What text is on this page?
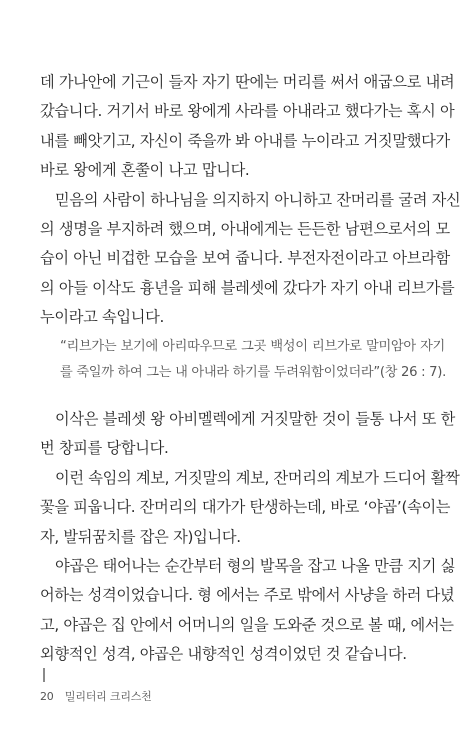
데 가나안에 기근이 들자 자기 딴에는 머리를 써서 애굽으로 내려
갔습니다. 거기서 바로 왕에게 사라를 아내라고 했다가는 혹시 아
내를 빼앗기고, 자신이 죽을까 봐 아내를 누이라고 거짓말했다가
바로 왕에게 혼쭐이 나고 맙니다.
믿음의 사람이 하나님을 의지하지 아니하고 잔머리를 굴려 자신
의 생명을 부지하려 했으며, 아내에게는 든든한 남편으로서의 모
습이 아닌 비겁한 모습을 보여 줍니다. 부전자전이라고 아브라함
의 아들 이삭도 흉년을 피해 블레셋에 갔다가 자기 아내 리브가를
누이라고 속입니다.
“리브가는 보기에 아리따우므로 그곳 백성이 리브가로 말미암아 자기
를 죽일까 하여 그는 내 아내라 하기를 두려워함이었더라”(창 26 : 7).
이삭은 블레셋 왕 아비멜렉에게 거짓말한 것이 들통 나서 또 한
번 창피를 당합니다.
이런 속임의 계보, 거짓말의 계보, 잔머리의 계보가 드디어 활짝
꽃을 피웁니다. 잔머리의 대가가 탄생하는데, 바로 ‘야곱’(속이는
자, 발뒤꿈치를 잡은 자)입니다.
야곱은 태어나는 순간부터 형의 발목을 잡고 나올 만큼 지기 싫
어하는 성격이었습니다. 형 에서는 주로 밖에서 사냥을 하러 다녔
고, 야곱은 집 안에서 어머니의 일을 도와준 것으로 볼 때, 에서는
외향적인 성격, 야곱은 내향적인 성격이었던 것 같습니다.
20 밀리터리 크리스천
